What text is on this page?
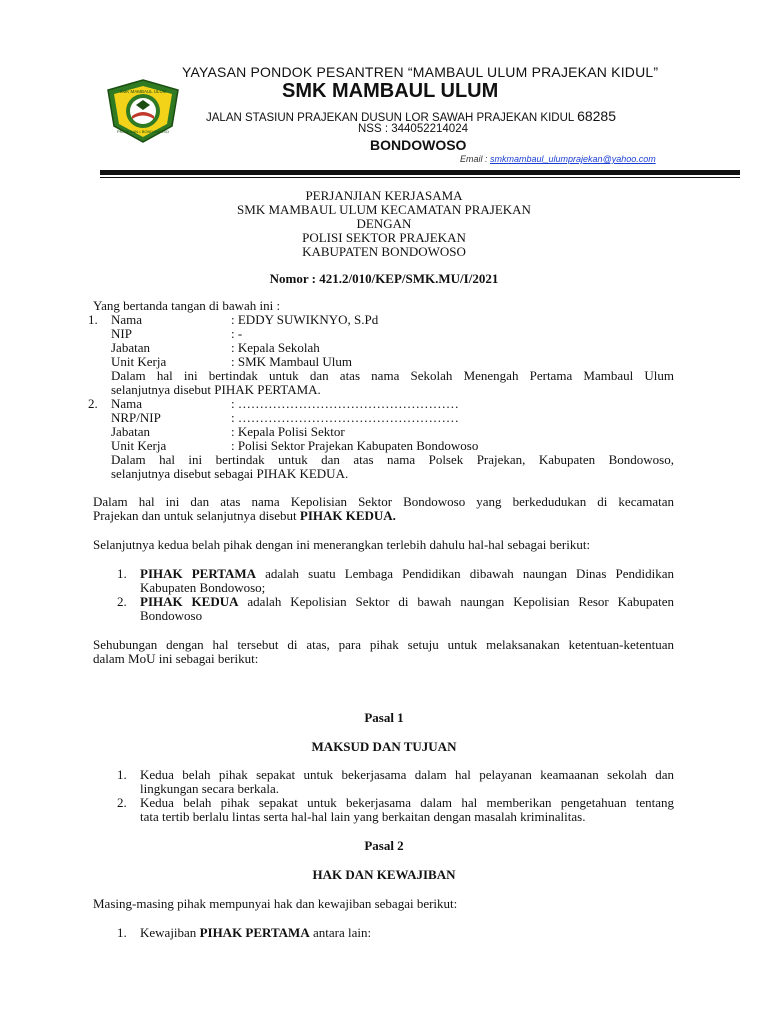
SMK MAMBAUL ULUM
PRAJEKAN • BONDOWOSO
YAYASAN PONDOK PESANTREN “MAMBAUL ULUM PRAJEKAN KIDUL”
SMK MAMBAUL ULUM
JALAN STASIUN PRAJEKAN DUSUN LOR SAWAH PRAJEKAN KIDUL 68285
NSS : 344052214024
BONDOWOSO
Email : smkmambaul_ulumprajekan@yahoo.com
PERJANJIAN KERJASAMA
SMK MAMBAUL ULUM KECAMATAN PRAJEKAN
DENGAN
POLISI SEKTOR PRAJEKAN
KABUPATEN BONDOWOSO
Nomor : 421.2/010/KEP/SMK.MU/I/2021
Yang bertanda tangan di bawah ini :
1. Nama	: EDDY SUWIKNYO, S.Pd
NIP	: -
Jabatan	: Kepala Sekolah
Unit Kerja	: SMK Mambaul Ulum
Dalam hal ini bertindak untuk dan atas nama Sekolah Menengah Pertama Mambaul Ulum
selanjutnya disebut PIHAK PERTAMA.
2. Nama	: ……………………………………………
NRP/NIP	: ……………………………………………
Jabatan	: Kepala Polisi Sektor
Unit Kerja	: Polisi Sektor Prajekan Kabupaten Bondowoso
Dalam hal ini bertindak untuk dan atas nama Polsek Prajekan, Kabupaten Bondowoso,
selanjutnya disebut sebagai PIHAK KEDUA.
Dalam hal ini dan atas nama Kepolisian Sektor Bondowoso yang berkedudukan di kecamatan
Prajekan dan untuk selanjutnya disebut PIHAK KEDUA.
Selanjutnya kedua belah pihak dengan ini menerangkan terlebih dahulu hal-hal sebagai berikut:
1. PIHAK PERTAMA adalah suatu Lembaga Pendidikan dibawah naungan Dinas Pendidikan
Kabupaten Bondowoso;
2. PIHAK KEDUA adalah Kepolisian Sektor di bawah naungan Kepolisian Resor Kabupaten
Bondowoso
Sehubungan dengan hal tersebut di atas, para pihak setuju untuk melaksanakan ketentuan-ketentuan
dalam MoU ini sebagai berikut:
Pasal 1
MAKSUD DAN TUJUAN
1. Kedua belah pihak sepakat untuk bekerjasama dalam hal pelayanan keamaanan sekolah dan
lingkungan secara berkala.
2. Kedua belah pihak sepakat untuk bekerjasama dalam hal memberikan pengetahuan tentang
tata tertib berlalu lintas serta hal-hal lain yang berkaitan dengan masalah kriminalitas.
Pasal 2
HAK DAN KEWAJIBAN
Masing-masing pihak mempunyai hak dan kewajiban sebagai berikut:
1. Kewajiban PIHAK PERTAMA antara lain:
